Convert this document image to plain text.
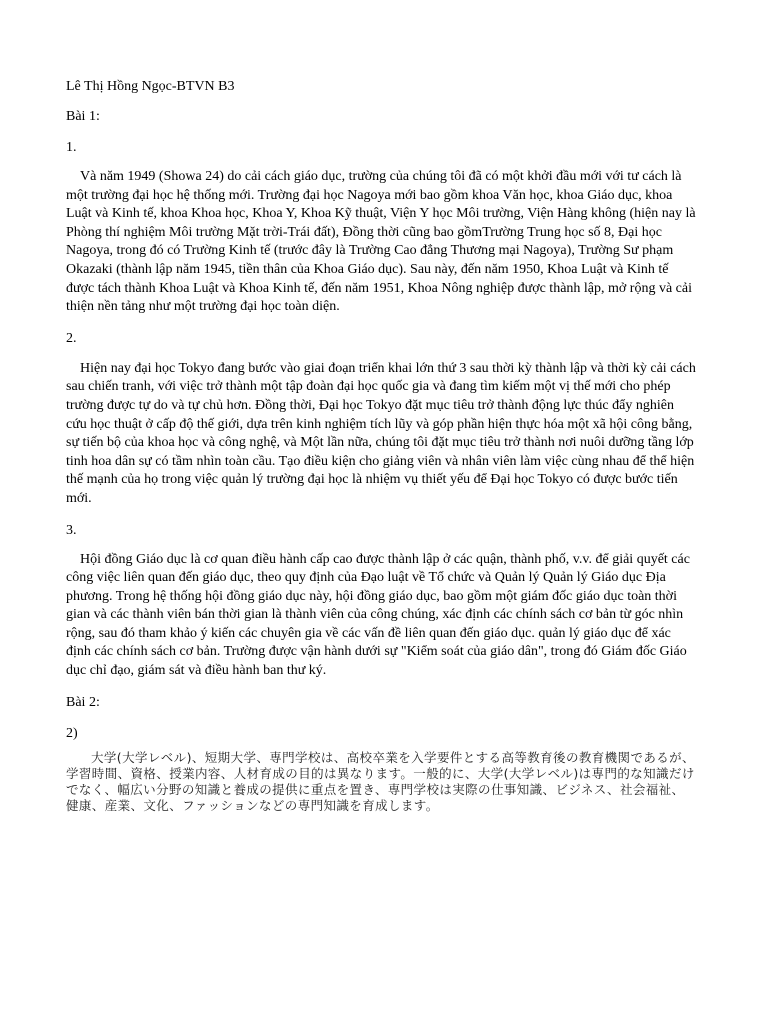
Lê Thị Hồng Ngọc-BTVN B3

Bài 1:

1.

Và năm 1949 (Showa 24) do cải cách giáo dục, trường của chúng tôi đã có một khởi đầu mới với tư cách là một trường đại học hệ thống mới. Trường đại học Nagoya mới bao gồm khoa Văn học, khoa Giáo dục, khoa Luật và Kinh tế, khoa Khoa học, Khoa Y, Khoa Kỹ thuật, Viện Y học Môi trường, Viện Hàng không (hiện nay là Phòng thí nghiệm Môi trường Mặt trời-Trái đất), Đồng thời cũng bao gồmTrường Trung học số 8, Đại học Nagoya, trong đó có Trường Kinh tế (trước đây là Trường Cao đẳng Thương mại Nagoya), Trường Sư phạm Okazaki (thành lập năm 1945, tiền thân của Khoa Giáo dục). Sau này, đến năm 1950, Khoa Luật và Kinh tế được tách thành Khoa Luật và Khoa Kinh tế, đến năm 1951, Khoa Nông nghiệp được thành lập, mở rộng và cải thiện nền tảng như một trường đại học toàn diện.

2.

Hiện nay đại học Tokyo đang bước vào giai đoạn triển khai lớn thứ 3 sau thời kỳ thành lập và thời kỳ cải cách sau chiến tranh, với việc trở thành một tập đoàn đại học quốc gia và đang tìm kiếm một vị thế mới cho phép trường được tự do và tự chủ hơn. Đồng thời, Đại học Tokyo đặt mục tiêu trở thành động lực thúc đẩy nghiên cứu học thuật ở cấp độ thế giới, dựa trên kinh nghiệm tích lũy và góp phần hiện thực hóa một xã hội công bằng, sự tiến bộ của khoa học và công nghệ, và Một lần nữa, chúng tôi đặt mục tiêu trở thành nơi nuôi dưỡng tầng lớp tinh hoa dân sự có tầm nhìn toàn cầu. Tạo điều kiện cho giảng viên và nhân viên làm việc cùng nhau để thể hiện thế mạnh của họ trong việc quản lý trường đại học là nhiệm vụ thiết yếu để Đại học Tokyo có được bước tiến mới.

3.

Hội đồng Giáo dục là cơ quan điều hành cấp cao được thành lập ở các quận, thành phố, v.v. để giải quyết các công việc liên quan đến giáo dục, theo quy định của Đạo luật về Tổ chức và Quản lý Quản lý Giáo dục Địa phương. Trong hệ thống hội đồng giáo dục này, hội đồng giáo dục, bao gồm một giám đốc giáo dục toàn thời gian và các thành viên bán thời gian là thành viên của công chúng, xác định các chính sách cơ bản từ góc nhìn rộng, sau đó tham khảo ý kiến các chuyên gia về các vấn đề liên quan đến giáo dục. quản lý giáo dục để xác định các chính sách cơ bản. Trường được vận hành dưới sự "Kiểm soát của giáo dân", trong đó Giám đốc Giáo dục chỉ đạo, giám sát và điều hành ban thư ký.

Bài 2:

2)

大学(大学レベル)、短期大学、専門学校は、高校卒業を入学要件とする高等教育後の教育機関であるが、学習時間、資格、授業内容、人材育成の目的は異なります。一般的に、大学(大学レベル)は専門的な知識だけでなく、幅広い分野の知識と養成の提供に重点を置き、専門学校は実際の仕事知識、ビジネス、社会福祉、健康、産業、文化、ファッションなどの専門知識を育成します。
